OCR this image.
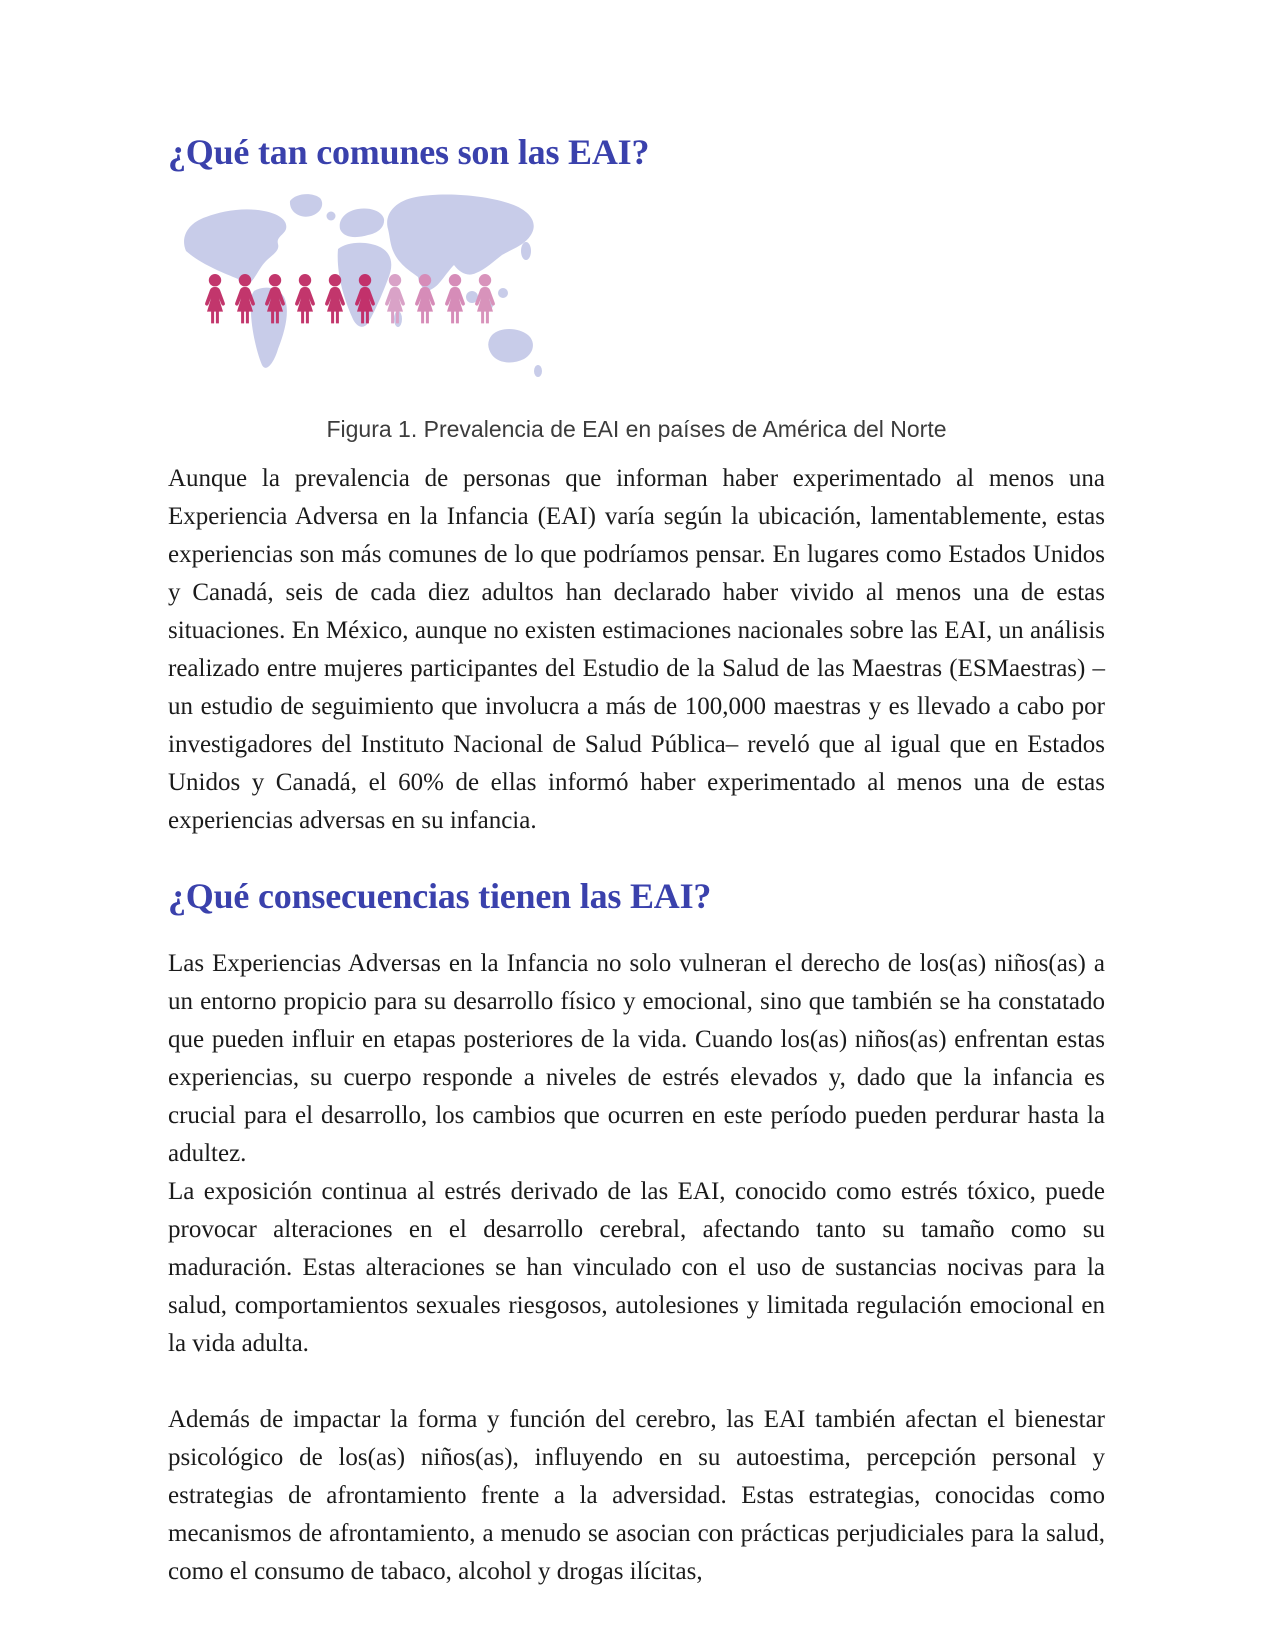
¿Qué tan comunes son las EAI?
Figura 1. Prevalencia de EAI en países de América del Norte

Aunque la prevalencia de personas que informan haber experimentado al menos una Experiencia Adversa en la Infancia (EAI) varía según la ubicación, lamentablemente, estas experiencias son más comunes de lo que podríamos pensar. En lugares como Estados Unidos y Canadá, seis de cada diez adultos han declarado haber vivido al menos una de estas situaciones. En México, aunque no existen estimaciones nacionales sobre las EAI, un análisis realizado entre mujeres participantes del Estudio de la Salud de las Maestras (ESMaestras) –un estudio de seguimiento que involucra a más de 100,000 maestras y es llevado a cabo por investigadores del Instituto Nacional de Salud Pública– reveló que al igual que en Estados Unidos y Canadá, el 60% de ellas informó haber experimentado al menos una de estas experiencias adversas en su infancia.

¿Qué consecuencias tienen las EAI?

Las Experiencias Adversas en la Infancia no solo vulneran el derecho de los(as) niños(as) a un entorno propicio para su desarrollo físico y emocional, sino que también se ha constatado que pueden influir en etapas posteriores de la vida. Cuando los(as) niños(as) enfrentan estas experiencias, su cuerpo responde a niveles de estrés elevados y, dado que la infancia es crucial para el desarrollo, los cambios que ocurren en este período pueden perdurar hasta la adultez.

La exposición continua al estrés derivado de las EAI, conocido como estrés tóxico, puede provocar alteraciones en el desarrollo cerebral, afectando tanto su tamaño como su maduración. Estas alteraciones se han vinculado con el uso de sustancias nocivas para la salud, comportamientos sexuales riesgosos, autolesiones y limitada regulación emocional en la vida adulta.

Además de impactar la forma y función del cerebro, las EAI también afectan el bienestar psicológico de los(as) niños(as), influyendo en su autoestima, percepción personal y estrategias de afrontamiento frente a la adversidad. Estas estrategias, conocidas como mecanismos de afrontamiento, a menudo se asocian con prácticas perjudiciales para la salud, como el consumo de tabaco, alcohol y drogas ilícitas,
